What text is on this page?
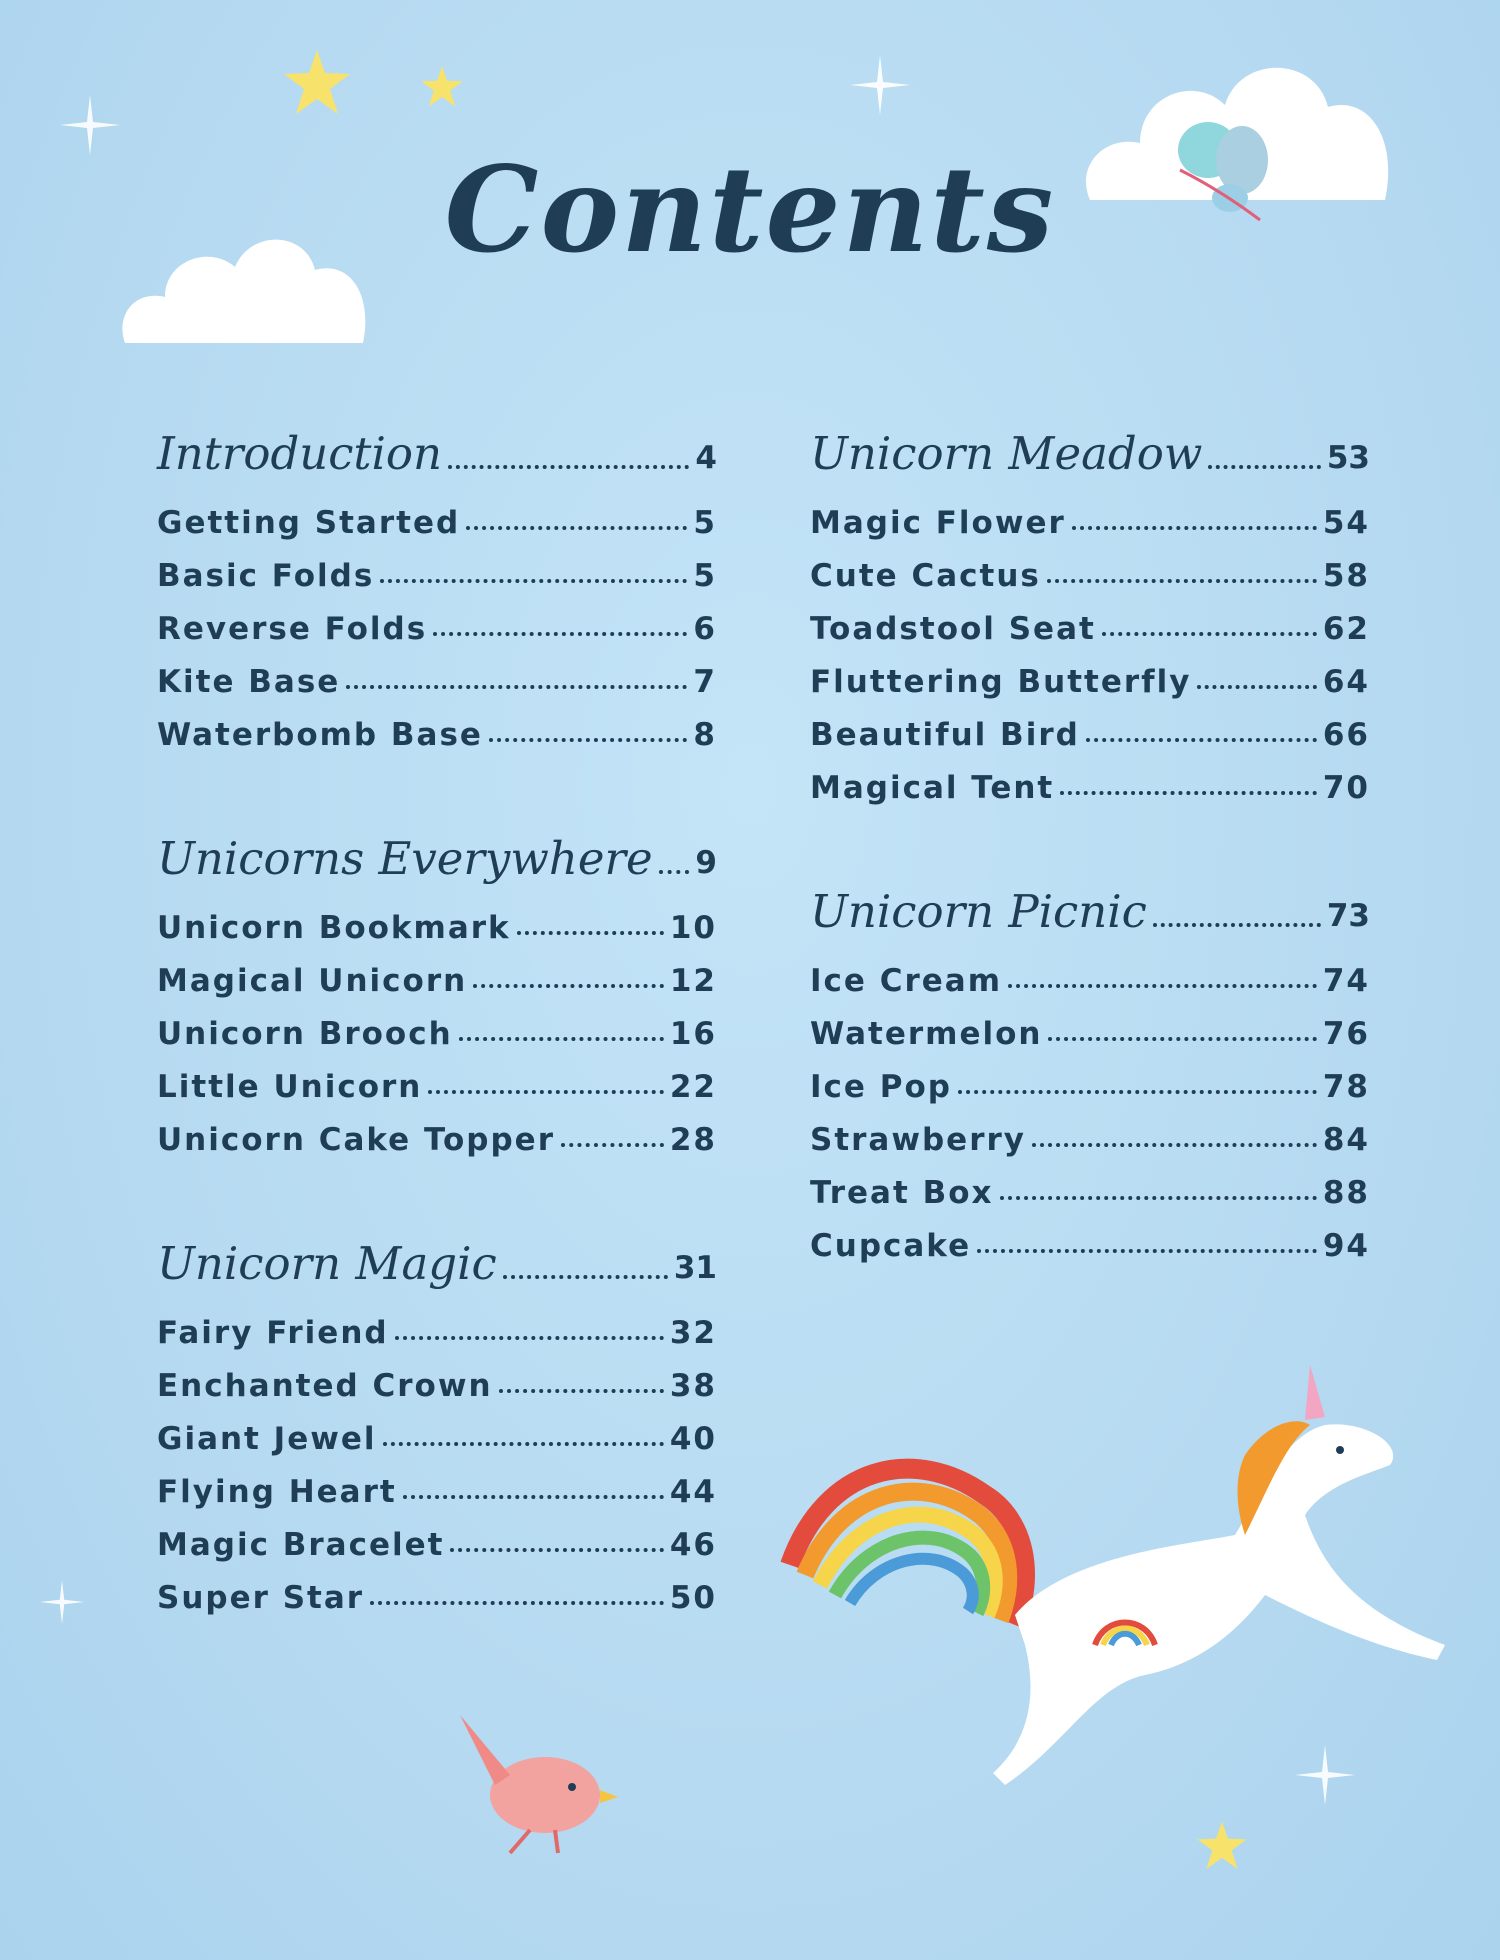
Contents
Introduction	4
Getting Started	5
Basic Folds	5
Reverse Folds	6
Kite Base	7
Waterbomb Base	8
Unicorns Everywhere 9
Unicorn Bookmark	10
Magical Unicorn	12
Unicorn Brooch	16
Little Unicorn	22
Unicorn Cake Topper	28
Unicorn Magic	31
Fairy Friend	32
Enchanted Crown	38
Giant Jewel	40
Flying Heart	44
Magic Bracelet	46
Super Star	50
Unicorn Meadow	53
Magic Flower	54
Cute Cactus	58
Toadstool Seat	62
Fluttering Butterfly	64
Beautiful Bird	66
Magical Tent	70
Unicorn Picnic	73
Ice Cream	74
Watermelon	76
Ice Pop	78
Strawberry	84
Treat Box	88
Cupcake	94
